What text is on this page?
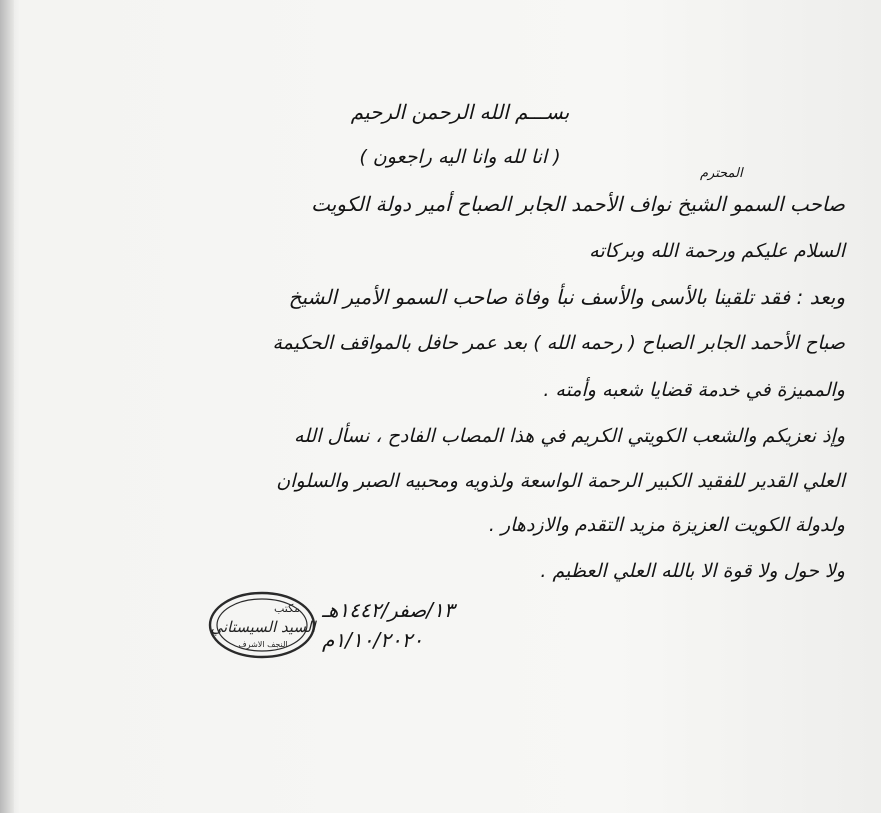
بســـم الله الرحمن الرحيم
( انا لله وانا اليه راجعون )
المحترم
صاحب السمو الشيخ نواف الأحمد الجابر الصباح أمير دولة الكويت
السلام عليكم ورحمة الله وبركاته
وبعد : فقد تلقينا بالأسى والأسف نبأ وفاة صاحب السمو الأمير الشيخ
صباح الأحمد الجابر الصباح ( رحمه الله ) بعد عمر حافل بالمواقف الحكيمة
والمميزة في خدمة قضايا شعبه وأمته .
وإذ نعزيكم والشعب الكويتي الكريم في هذا المصاب الفادح ، نسأل الله
العلي القدير للفقيد الكبير الرحمة الواسعة ولذويه ومحبيه الصبر والسلوان
ولدولة الكويت العزيزة مزيد التقدم والازدهار .
ولا حول ولا قوة الا بالله العلي العظيم .
١٣/صفر/١٤٤٢هـ
١/١٠/٢٠٢٠م
مكتب
السيد السيستاني
النجف الاشرف
